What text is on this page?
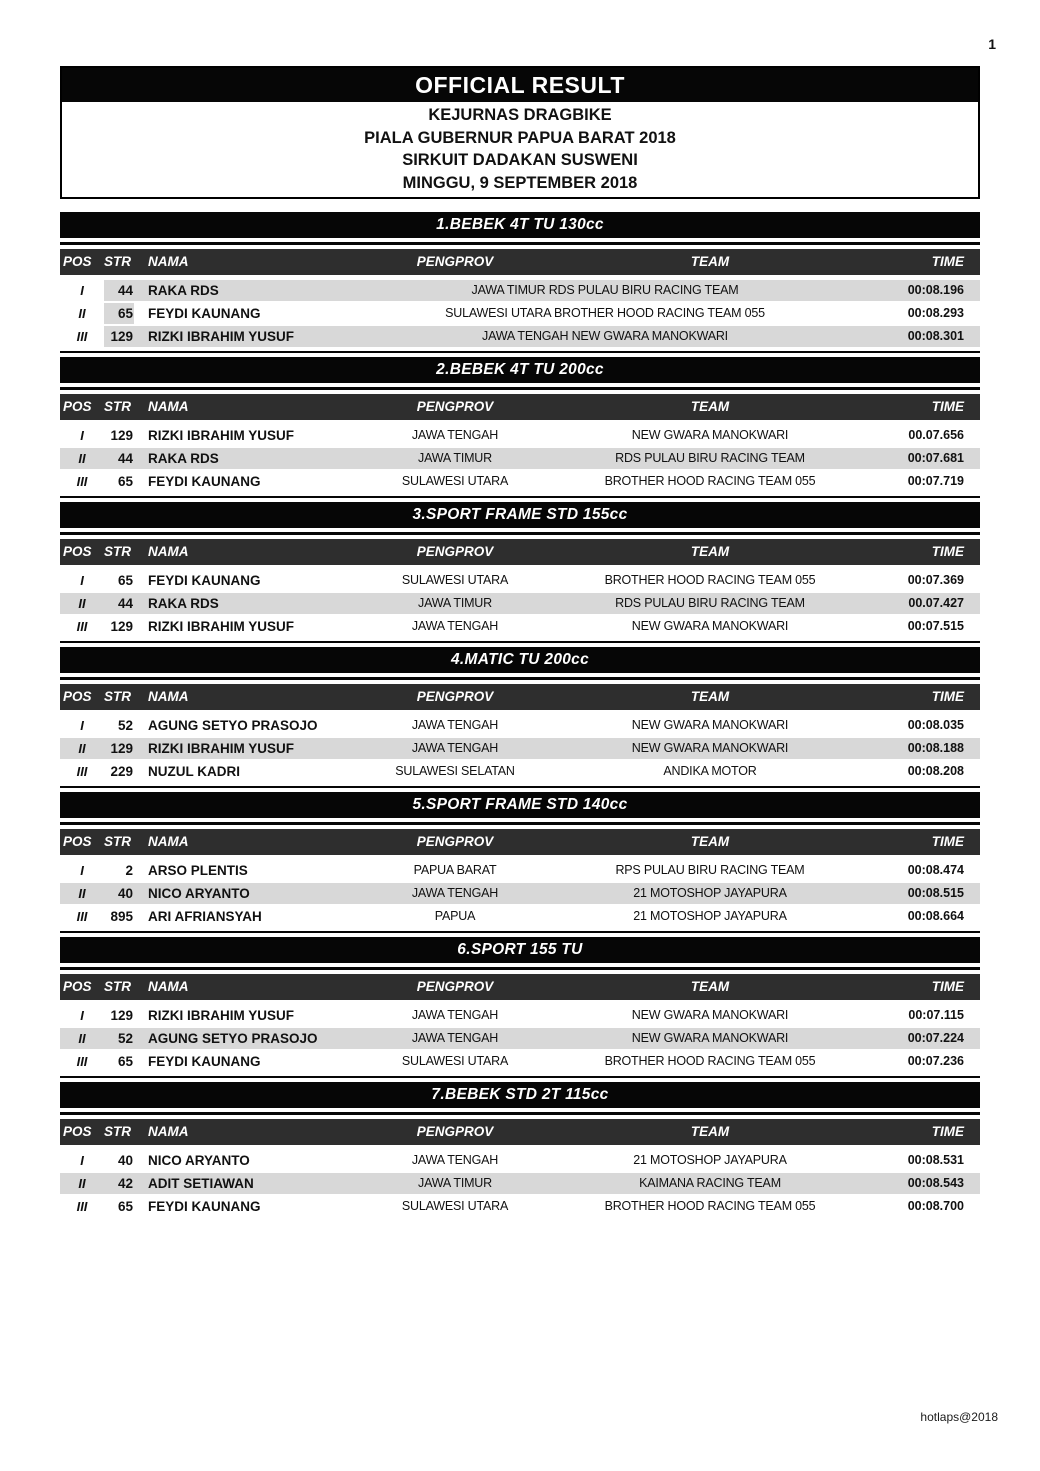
1
OFFICIAL RESULT
KEJURNAS DRAGBIKE
PIALA GUBERNUR PAPUA BARAT 2018
SIRKUIT DADAKAN SUSWENI
MINGGU, 9 SEPTEMBER 2018
1.BEBEK 4T TU 130cc
POS STR	NAMA	PENGPROV	TEAM	TIME
I	44	RAKA RDS	JAWA TIMUR RDS PULAU BIRU RACING TEAM	00:08.196
II	65	FEYDI KAUNANG	SULAWESI UTARA BROTHER HOOD RACING TEAM 055	00:08.293
III	129	RIZKI IBRAHIM YUSUF	JAWA TENGAH NEW GWARA MANOKWARI	00:08.301
2.BEBEK 4T TU 200cc
POS STR	NAMA	PENGPROV	TEAM	TIME
I	129	RIZKI IBRAHIM YUSUF	JAWA TENGAH	NEW GWARA MANOKWARI	00.07.656
II	44	RAKA RDS	JAWA TIMUR	RDS PULAU BIRU RACING TEAM	00:07.681
III	65	FEYDI KAUNANG	SULAWESI UTARA	BROTHER HOOD RACING TEAM 055	00:07.719
3.SPORT FRAME STD 155cc
POS STR	NAMA	PENGPROV	TEAM	TIME
I	65	FEYDI KAUNANG	SULAWESI UTARA	BROTHER HOOD RACING TEAM 055	00:07.369
II	44	RAKA RDS	JAWA TIMUR	RDS PULAU BIRU RACING TEAM	00.07.427
III	129	RIZKI IBRAHIM YUSUF	JAWA TENGAH	NEW GWARA MANOKWARI	00:07.515
4.MATIC TU 200cc
POS STR	NAMA	PENGPROV	TEAM	TIME
I	52	AGUNG SETYO PRASOJO	JAWA TENGAH	NEW GWARA MANOKWARI	00:08.035
II	129	RIZKI IBRAHIM YUSUF	JAWA TENGAH	NEW GWARA MANOKWARI	00:08.188
III	229	NUZUL KADRI	SULAWESI SELATAN	ANDIKA MOTOR	00:08.208
5.SPORT FRAME STD 140cc
POS STR	NAMA	PENGPROV	TEAM	TIME
I	2	ARSO PLENTIS	PAPUA BARAT	RPS PULAU BIRU RACING TEAM	00:08.474
II	40	NICO ARYANTO	JAWA TENGAH	21 MOTOSHOP JAYAPURA	00:08.515
III	895	ARI AFRIANSYAH	PAPUA	21 MOTOSHOP JAYAPURA	00:08.664
6.SPORT 155 TU
POS STR	NAMA	PENGPROV	TEAM	TIME
I	129	RIZKI IBRAHIM YUSUF	JAWA TENGAH	NEW GWARA MANOKWARI	00:07.115
II	52	AGUNG SETYO PRASOJO	JAWA TENGAH	NEW GWARA MANOKWARI	00:07.224
III	65	FEYDI KAUNANG	SULAWESI UTARA	BROTHER HOOD RACING TEAM 055	00:07.236
7.BEBEK STD 2T 115cc
POS STR	NAMA	PENGPROV	TEAM	TIME
I	40	NICO ARYANTO	JAWA TENGAH	21 MOTOSHOP JAYAPURA	00:08.531
II	42	ADIT SETIAWAN	JAWA TIMUR	KAIMANA RACING TEAM	00:08.543
III	65	FEYDI KAUNANG	SULAWESI UTARA	BROTHER HOOD RACING TEAM 055	00:08.700
hotlaps@2018
